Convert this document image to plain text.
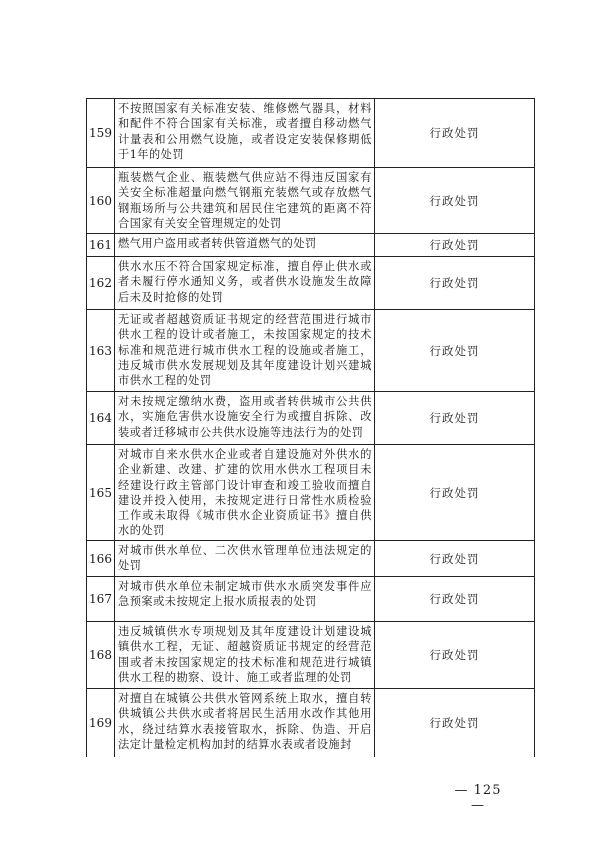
159
不按照国家有关标准安装、维修燃气器具，材料和配件不符合国家有关标准，或者擅自移动燃气计量表和公用燃气设施，或者设定安装保修期低于1年的处罚
行政处罚
160
瓶装燃气企业、瓶装燃气供应站不得违反国家有关安全标准超量向燃气钢瓶充装燃气或存放燃气钢瓶场所与公共建筑和居民住宅建筑的距离不符合国家有关安全管理规定的处罚
行政处罚
161 燃气用户盗用或者转供管道燃气的处罚	行政处罚
162
供水水压不符合国家规定标准，擅自停止供水或者未履行停水通知义务，或者供水设施发生故障后未及时抢修的处罚
行政处罚
163
无证或者超越资质证书规定的经营范围进行城市供水工程的设计或者施工，未按国家规定的技术标准和规范进行城市供水工程的设施或者施工，违反城市供水发展规划及其年度建设计划兴建城市供水工程的处罚
行政处罚
164
对未按规定缴纳水费，盗用或者转供城市公共供水，实施危害供水设施安全行为或擅自拆除、改装或者迁移城市公共供水设施等违法行为的处罚
行政处罚
165
对城市自来水供水企业或者自建设施对外供水的企业新建、改建、扩建的饮用水供水工程项目未经建设行政主管部门设计审查和竣工验收而擅自建设并投入使用，未按规定进行日常性水质检验工作或未取得《城市供水企业资质证书》擅自供水的处罚
行政处罚
166
对城市供水单位、二次供水管理单位违法规定的处罚
行政处罚
167
对城市供水单位未制定城市供水水质突发事件应急预案或未按规定上报水质报表的处罚	行政处罚
168
违反城镇供水专项规划及其年度建设计划建设城镇供水工程，无证、超越资质证书规定的经营范围或者未按国家规定的技术标准和规范进行城镇供水工程的勘察、设计、施工或者监理的处罚
行政处罚
169
对擅自在城镇公共供水管网系统上取水，擅自转供城镇公共供水或者将居民生活用水改作其他用水，绕过结算水表接管取水，拆除、伪造、开启法定计量检定机构加封的结算水表或者设施封
行政处罚
— 125 —
